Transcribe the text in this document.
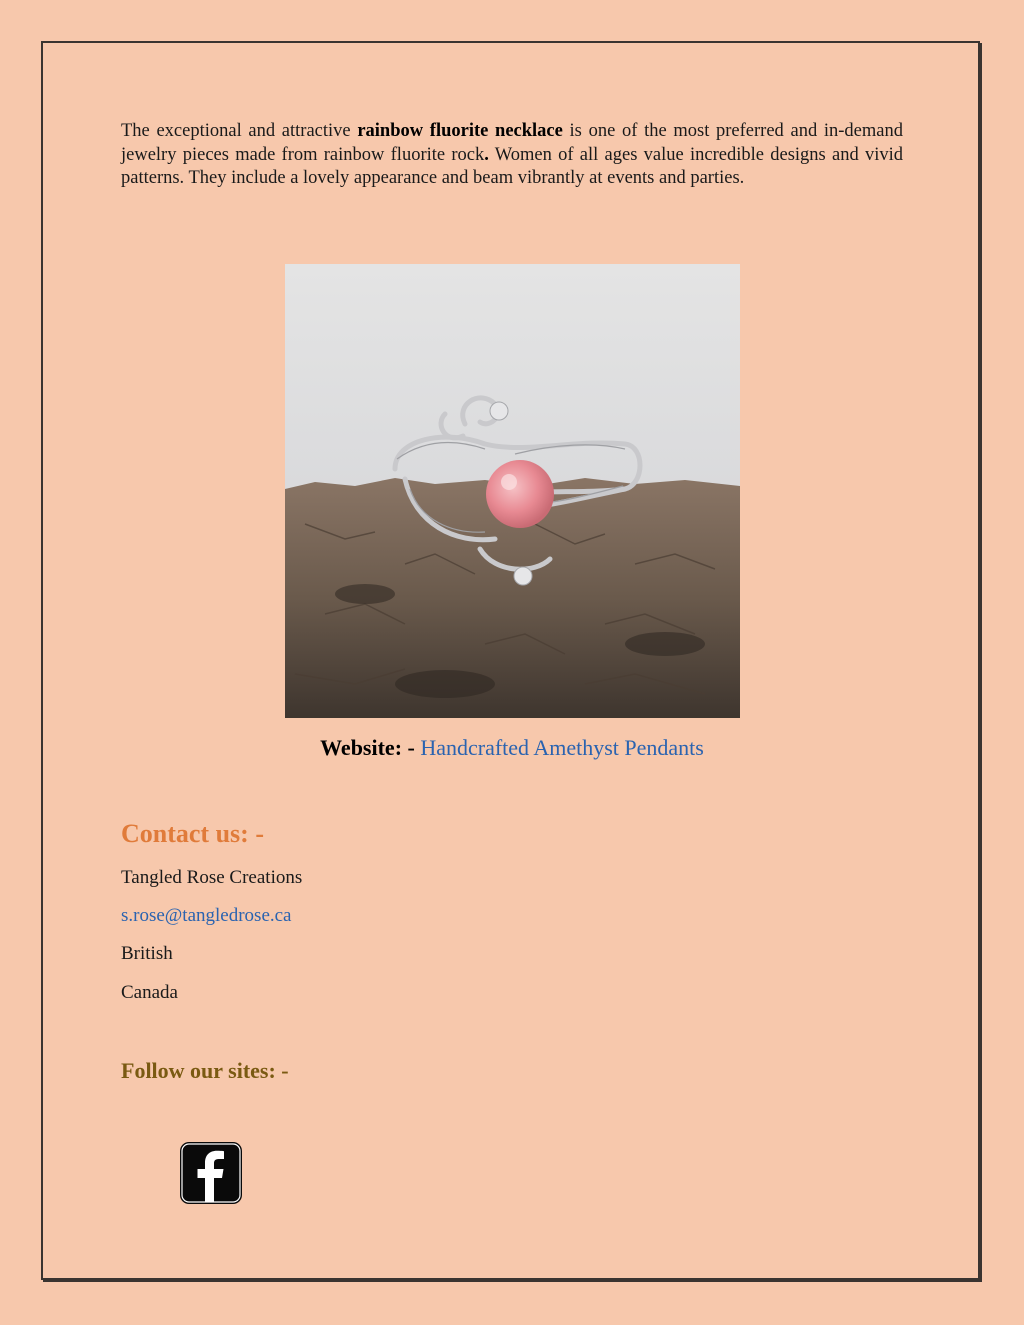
The exceptional and attractive rainbow fluorite necklace is one of the most preferred and in-demand jewelry pieces made from rainbow fluorite rock. Women of all ages value incredible designs and vivid patterns. They include a lovely appearance and beam vibrantly at events and parties.

Website: - Handcrafted Amethyst Pendants
Contact us: -
Tangled Rose Creations
s.rose@tangledrose.ca
British
Canada
Follow our sites: -
